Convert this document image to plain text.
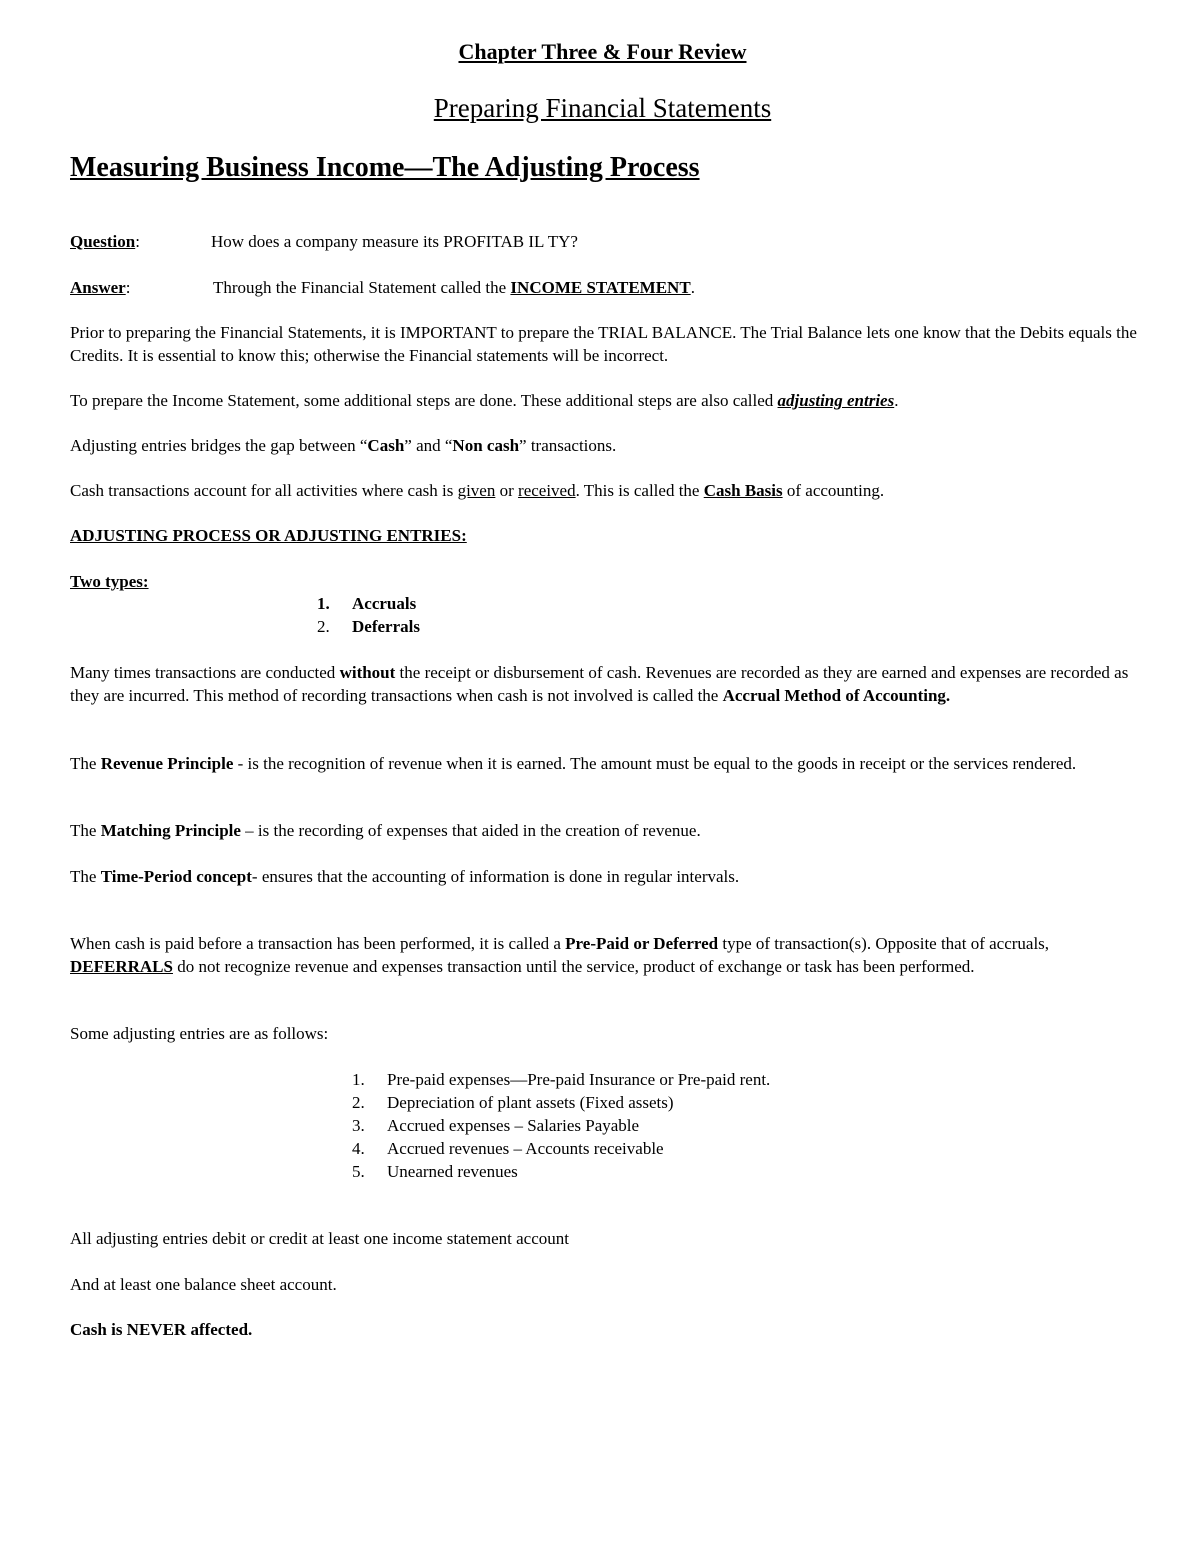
Chapter Three & Four Review
Preparing Financial Statements
Measuring Business Income—The Adjusting Process

Question:	How does a company measure its PROFITAB IL TY?

Answer:	Through the Financial Statement called the INCOME STATEMENT.

Prior to preparing the Financial Statements, it is IMPORTANT to prepare the TRIAL BALANCE. The Trial Balance lets one know that the Debits equals the Credits. It is essential to know this; otherwise the Financial statements will be incorrect.

To prepare the Income Statement, some additional steps are done. These additional steps are also called adjusting entries.

Adjusting entries bridges the gap between “Cash” and “Non cash” transactions.

Cash transactions account for all activities where cash is given or received. This is called the Cash Basis of accounting.

ADJUSTING PROCESS OR ADJUSTING ENTRIES:

Two types:

1. Accruals
2. Deferrals

Many times transactions are conducted without the receipt or disbursement of cash. Revenues are recorded as they are earned and expenses are recorded as they are incurred. This method of recording transactions when cash is not involved is called the Accrual Method of Accounting.

The Revenue Principle - is the recognition of revenue when it is earned. The amount must be equal to the goods in receipt or the services rendered.

The Matching Principle – is the recording of expenses that aided in the creation of revenue.

The Time-Period concept- ensures that the accounting of information is done in regular intervals.

When cash is paid before a transaction has been performed, it is called a Pre-Paid or Deferred type of transaction(s). Opposite that of accruals, DEFERRALS do not recognize revenue and expenses transaction until the service, product of exchange or task has been performed.

Some adjusting entries are as follows:

1. Pre-paid expenses—Pre-paid Insurance or Pre-paid rent.
2. Depreciation of plant assets (Fixed assets)
3. Accrued expenses – Salaries Payable
4. Accrued revenues – Accounts receivable
5. Unearned revenues

All adjusting entries debit or credit at least one income statement account

And at least one balance sheet account.

Cash is NEVER affected.
